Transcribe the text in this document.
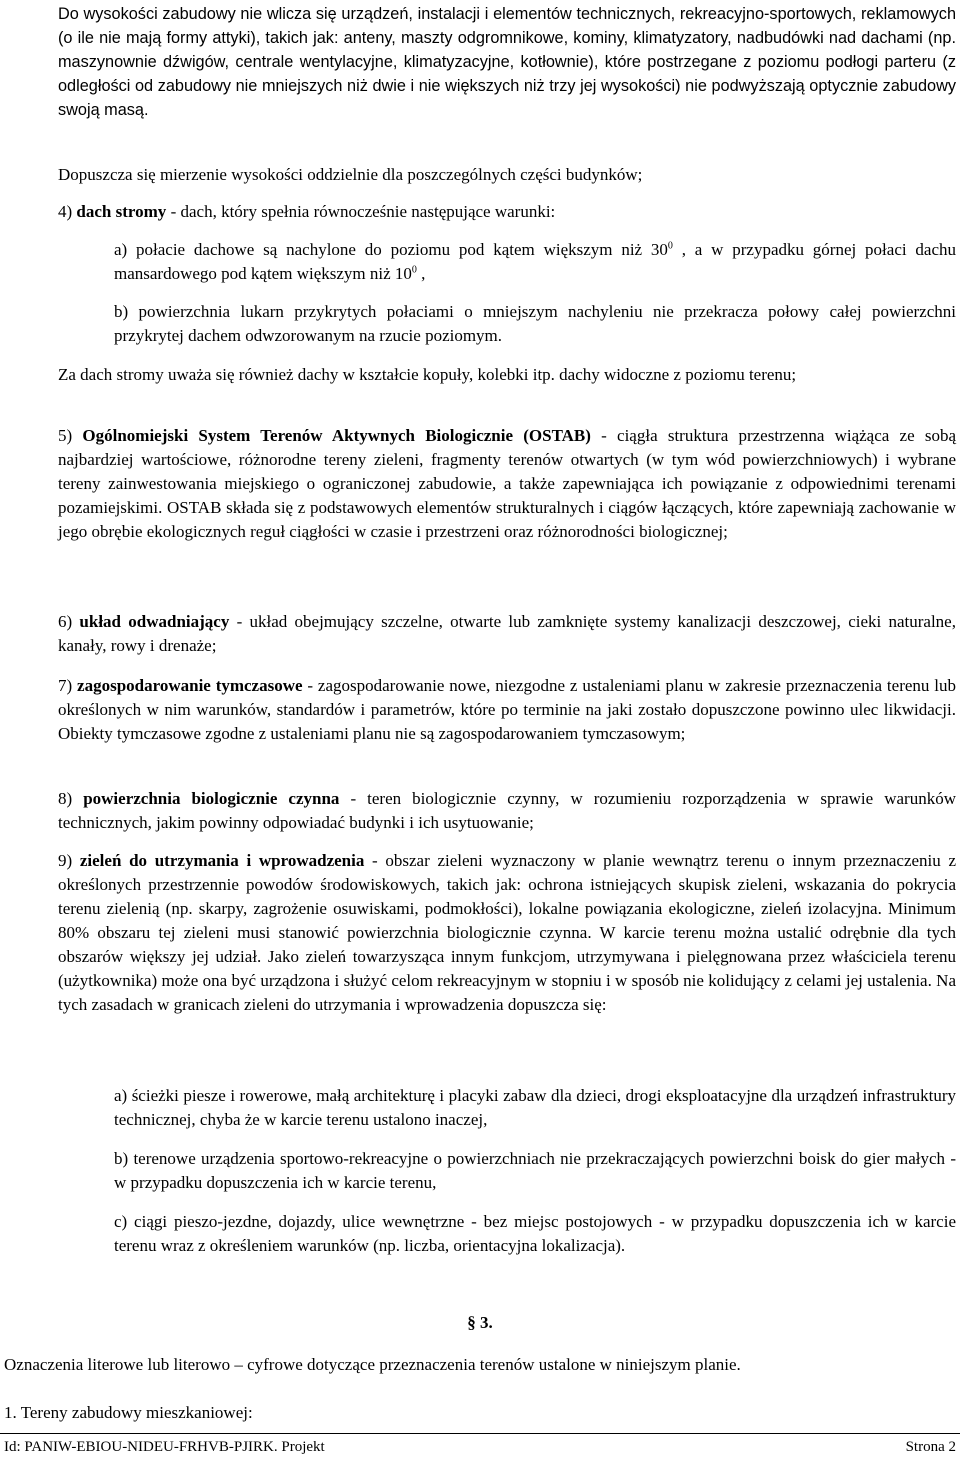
Do wysokości zabudowy nie wlicza się urządzeń, instalacji i elementów technicznych, rekreacyjno-sportowych, reklamowych (o ile nie mają formy attyki), takich jak: anteny, maszty odgromnikowe, kominy, klimatyzatory, nadbudówki nad dachami (np. maszynownie dźwigów, centrale wentylacyjne, klimatyzacyjne, kotłownie), które postrzegane z poziomu podłogi parteru (z odległości od zabudowy nie mniejszych niż dwie i nie większych niż trzy jej wysokości) nie podwyższają optycznie zabudowy swoją masą.

Dopuszcza się mierzenie wysokości oddzielnie dla poszczególnych części budynków;

4) dach stromy - dach, który spełnia równocześnie następujące warunki:

a) połacie dachowe są nachylone do poziomu pod kątem większym niż $30^0$ , a w przypadku górnej połaci dachu mansardowego pod kątem większym niż $10^0$ ,

b) powierzchnia lukarn przykrytych połaciami o mniejszym nachyleniu nie przekracza połowy całej powierzchni przykrytej dachem odwzorowanym na rzucie poziomym.

Za dach stromy uważa się również dachy w kształcie kopuły, kolebki itp. dachy widoczne z poziomu terenu;

5) Ogólnomiejski System Terenów Aktywnych Biologicznie (OSTAB) - ciągła struktura przestrzenna wiążąca ze sobą najbardziej wartościowe, różnorodne tereny zieleni, fragmenty terenów otwartych (w tym wód powierzchniowych) i wybrane tereny zainwestowania miejskiego o ograniczonej zabudowie, a także zapewniająca ich powiązanie z odpowiednimi terenami pozamiejskimi. OSTAB składa się z podstawowych elementów strukturalnych i ciągów łączących, które zapewniają zachowanie w jego obrębie ekologicznych reguł ciągłości w czasie i przestrzeni oraz różnorodności biologicznej;

6) układ odwadniający - układ obejmujący szczelne, otwarte lub zamknięte systemy kanalizacji deszczowej, cieki naturalne, kanały, rowy i drenaże;

7) zagospodarowanie tymczasowe - zagospodarowanie nowe, niezgodne z ustaleniami planu w zakresie przeznaczenia terenu lub określonych w nim warunków, standardów i parametrów, które po terminie na jaki zostało dopuszczone powinno ulec likwidacji. Obiekty tymczasowe zgodne z ustaleniami planu nie są zagospodarowaniem tymczasowym;

8) powierzchnia biologicznie czynna - teren biologicznie czynny, w rozumieniu rozporządzenia w sprawie warunków technicznych, jakim powinny odpowiadać budynki i ich usytuowanie;

9) zieleń do utrzymania i wprowadzenia - obszar zieleni wyznaczony w planie wewnątrz terenu o innym przeznaczeniu z określonych przestrzennie powodów środowiskowych, takich jak: ochrona istniejących skupisk zieleni, wskazania do pokrycia terenu zielenią (np. skarpy, zagrożenie osuwiskami, podmokłości), lokalne powiązania ekologiczne, zieleń izolacyjna. Minimum 80% obszaru tej zieleni musi stanowić powierzchnia biologicznie czynna. W karcie terenu można ustalić odrębnie dla tych obszarów większy jej udział. Jako zieleń towarzysząca innym funkcjom, utrzymywana i pielęgnowana przez właściciela terenu (użytkownika) może ona być urządzona i służyć celom rekreacyjnym w stopniu i w sposób nie kolidujący z celami jej ustalenia. Na tych zasadach w granicach zieleni do utrzymania i wprowadzenia dopuszcza się:

a) ścieżki piesze i rowerowe, małą architekturę i placyki zabaw dla dzieci, drogi eksploatacyjne dla urządzeń infrastruktury technicznej, chyba że w karcie terenu ustalono inaczej,

b) terenowe urządzenia sportowo-rekreacyjne o powierzchniach nie przekraczających powierzchni boisk do gier małych - w przypadku dopuszczenia ich w karcie terenu,

c) ciągi pieszo-jezdne, dojazdy, ulice wewnętrzne - bez miejsc postojowych - w przypadku dopuszczenia ich w karcie terenu wraz z określeniem warunków (np. liczba, orientacyjna lokalizacja).

§ 3.
Oznaczenia literowe lub literowo – cyfrowe dotyczące przeznaczenia terenów ustalone w niniejszym planie.
1. Tereny zabudowy mieszkaniowej:
Id: PANIW-EBIOU-NIDEU-FRHVB-PJIRK. Projekt	Strona 2
